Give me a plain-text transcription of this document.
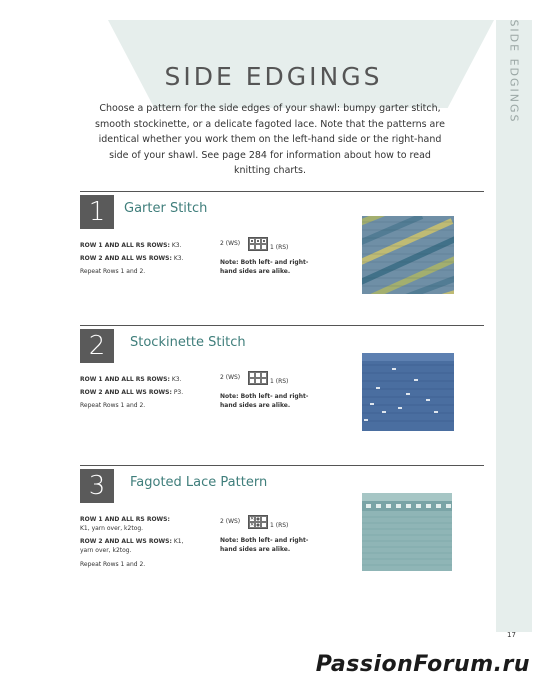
SIDE EDGINGS
SIDE EDGINGS

Choose a pattern for the side edges of your shawl: bumpy garter stitch, smooth stockinette, or a delicate fagoted lace. Note that the patterns are identical whether you work them on the left-hand side or the right-hand side of your shawl. See page 284 for information about how to read knitting charts.

1	Garter Stitch
ROW 1 AND ALL RS ROWS: K3.
ROW 2 AND ALL WS ROWS: K3.
Repeat Rows 1 and 2.
2 (WS)
1 (RS)
Note: Both left- and right-hand sides are alike.
2	Stockinette Stitch
ROW 1 AND ALL RS ROWS: K3.
ROW 2 AND ALL WS ROWS: P3.
Repeat Rows 1 and 2.
2 (WS)
1 (RS)
Note: Both left- and right-hand sides are alike.
3	Fagoted Lace Pattern
ROW 1 AND ALL RS ROWS: K1, yarn over, k2tog.
ROW 2 AND ALL WS ROWS: K1, yarn over, k2tog.
Repeat Rows 1 and 2.
2 (WS)
✕
✕
1 (RS)
Note: Both left- and right-hand sides are alike.
17
PassionForum.ru
